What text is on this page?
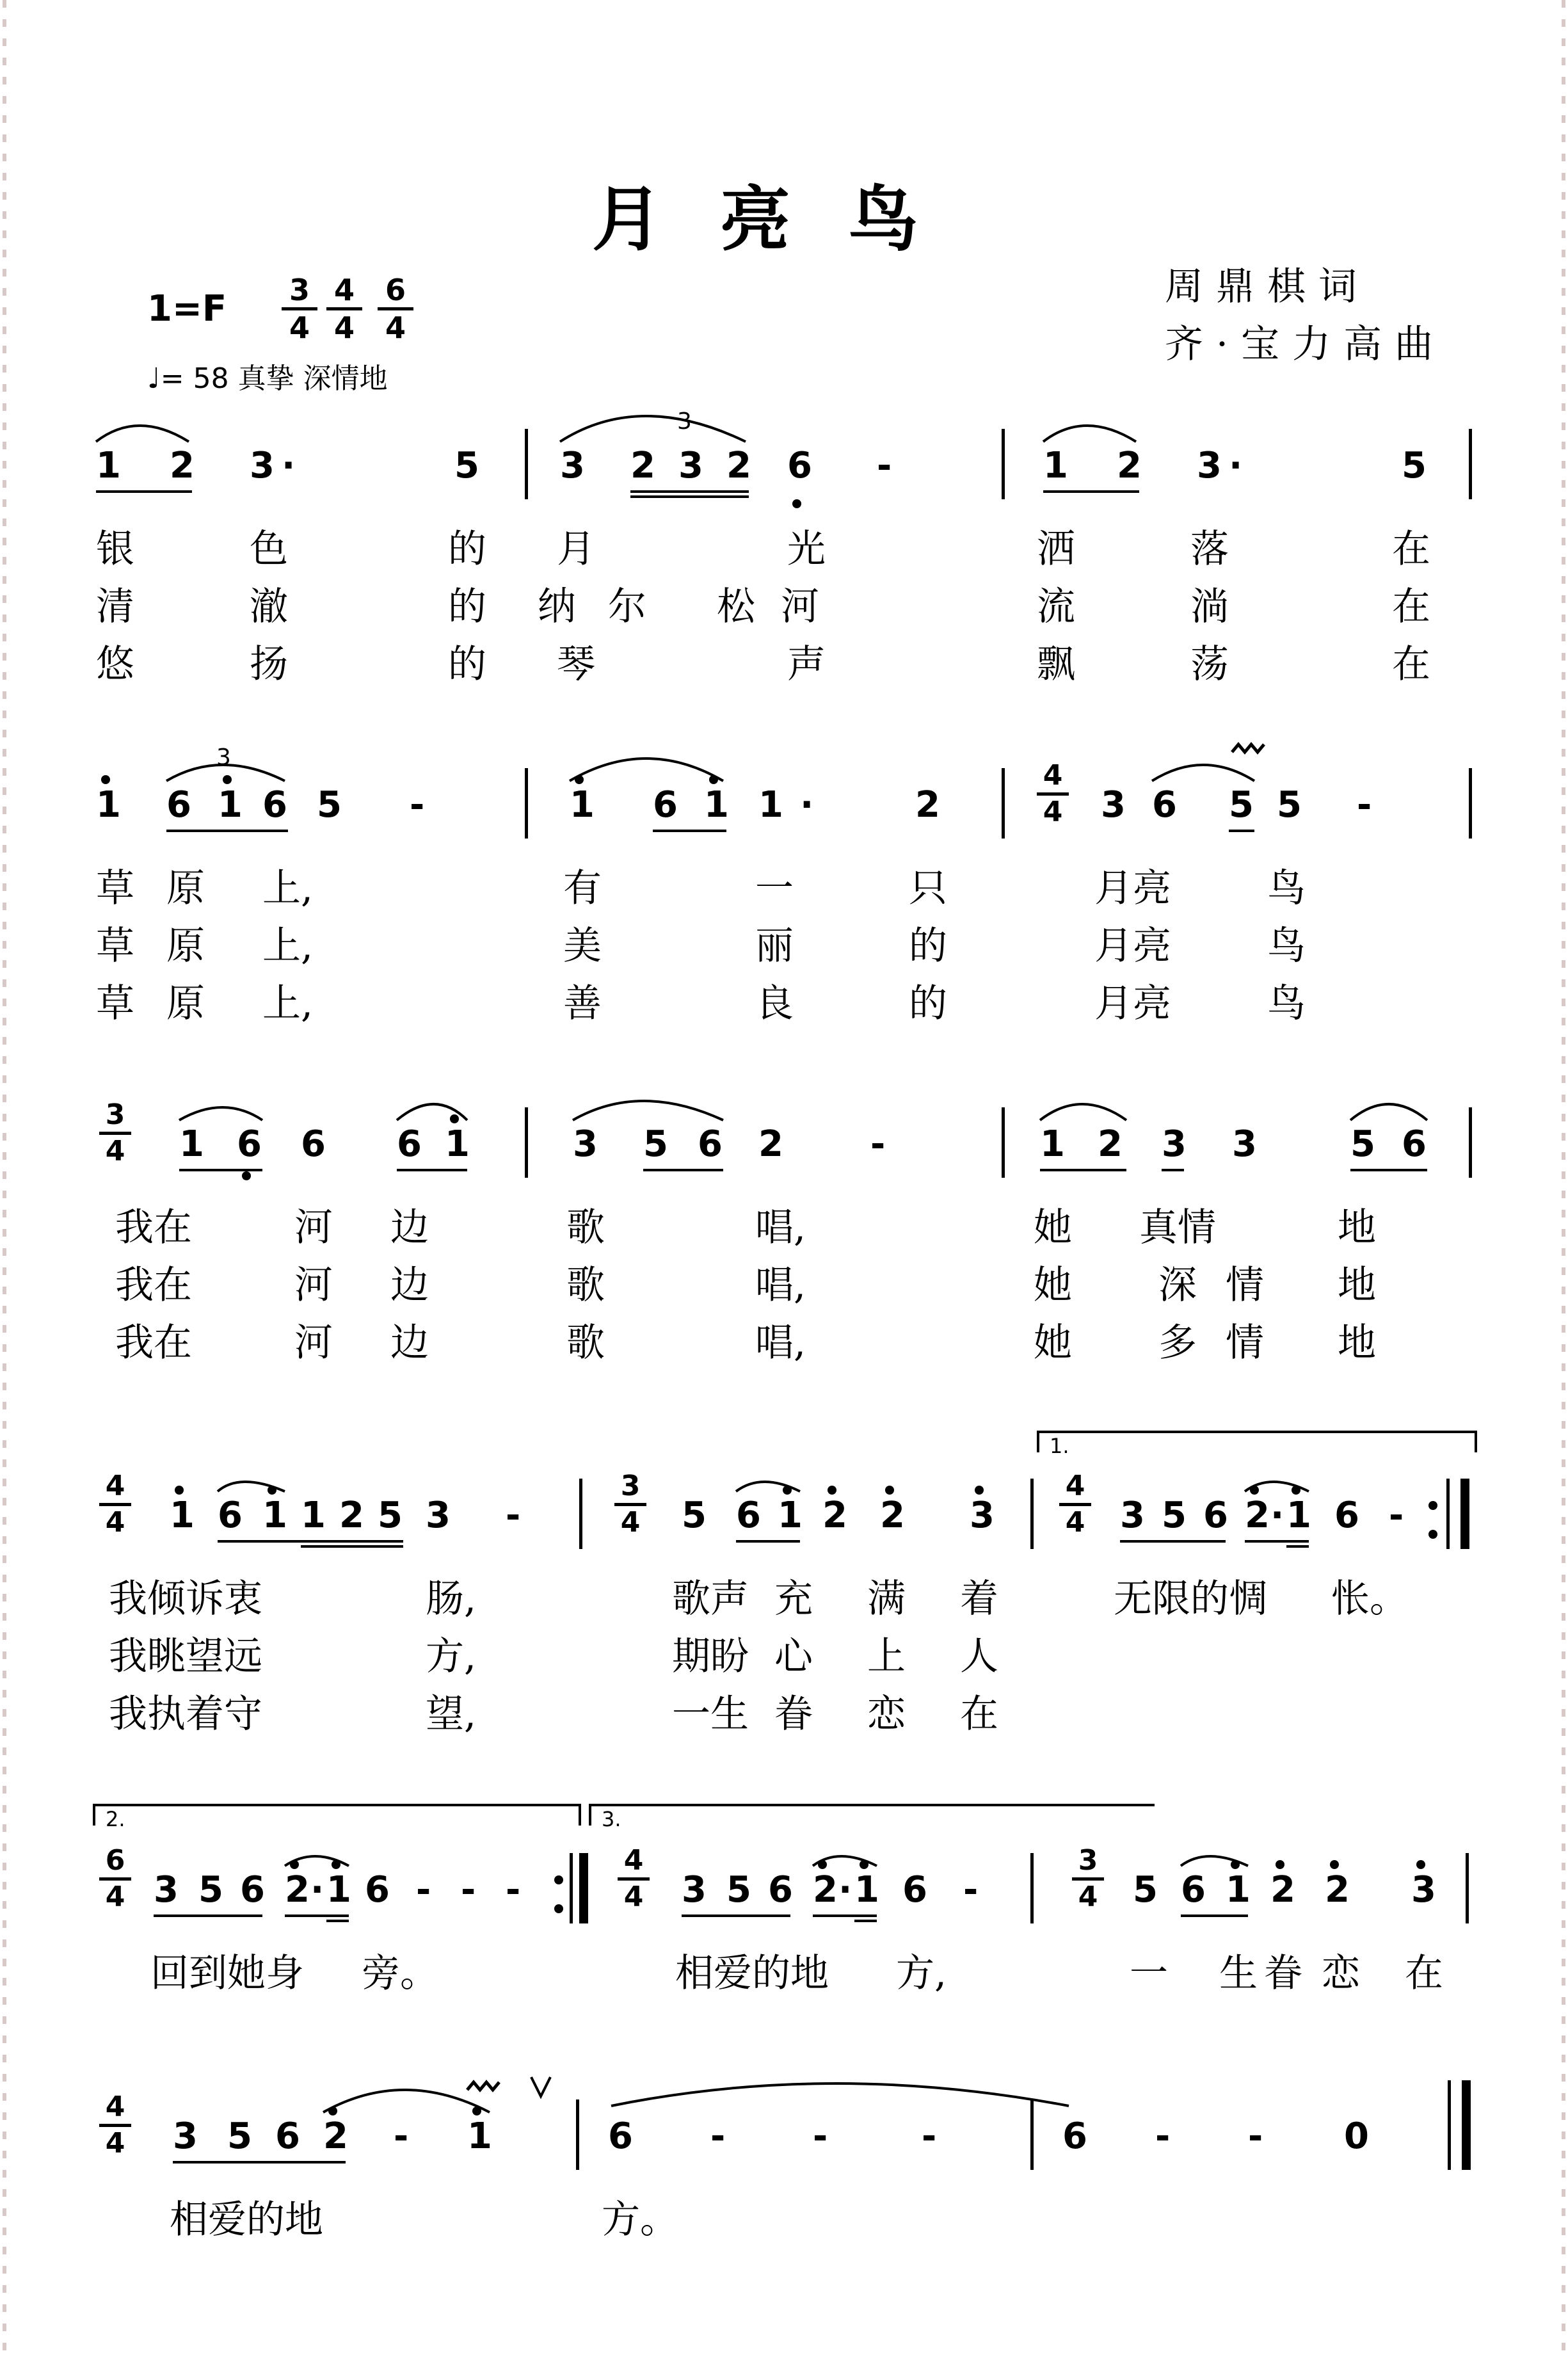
月亮鸟
1=F 3
4
4
4
6
4
♩= 58 真挚 深情地
周鼎棋词
齐·宝力高曲
1 2 3 ·	5 3 2 3 2 6 -	1 2 3 ·	5
银	色	的 月	光	洒	落	在
清	澈	的 纳 尔 松 河	流	淌	在
悠	扬	的 琴	声	飘	荡	在
1 6 1 6 5 -	1 6 1 1 ·	2
4
4 3 6 5 5 -
草 原 上,	有	一	只	月亮	鸟
草 原 上,	美	丽	的	月亮	鸟
草 原 上,	善	良	的	月亮	鸟
3
4 1 6 6 6 1	3 5 6 2 -	1 2 3 3	5 6
我在	河 边	歌	唱,	她 真情	地
我在	河 边	歌	唱,	她 深 情 地
我在	河 边	歌	唱,	她 多 情 地
1.
4
4 1 6 1 1 2 5 3 -
3
4 5 6 1 2 2 3
4
4 3 5 6 2 · 1 6 -
我倾诉衷	肠,	歌声 充 满 着	无限的惆 怅。
我眺望远	方,	期盼 心 上 人
我执着守	望,	一生 眷 恋 在
2.	3.
6
4 3 5 6 2 · 1 6 - - -
4
4 3 5 6 2 · 1 6 -
3
4 5 6 1 2 2 3
回到她身 旁。	相爱的地 方,	一 生 眷 恋 在
4
4 3 5 6 2 - 1	6 - -	-	6 - - 0
相爱的地	方。
3
3
